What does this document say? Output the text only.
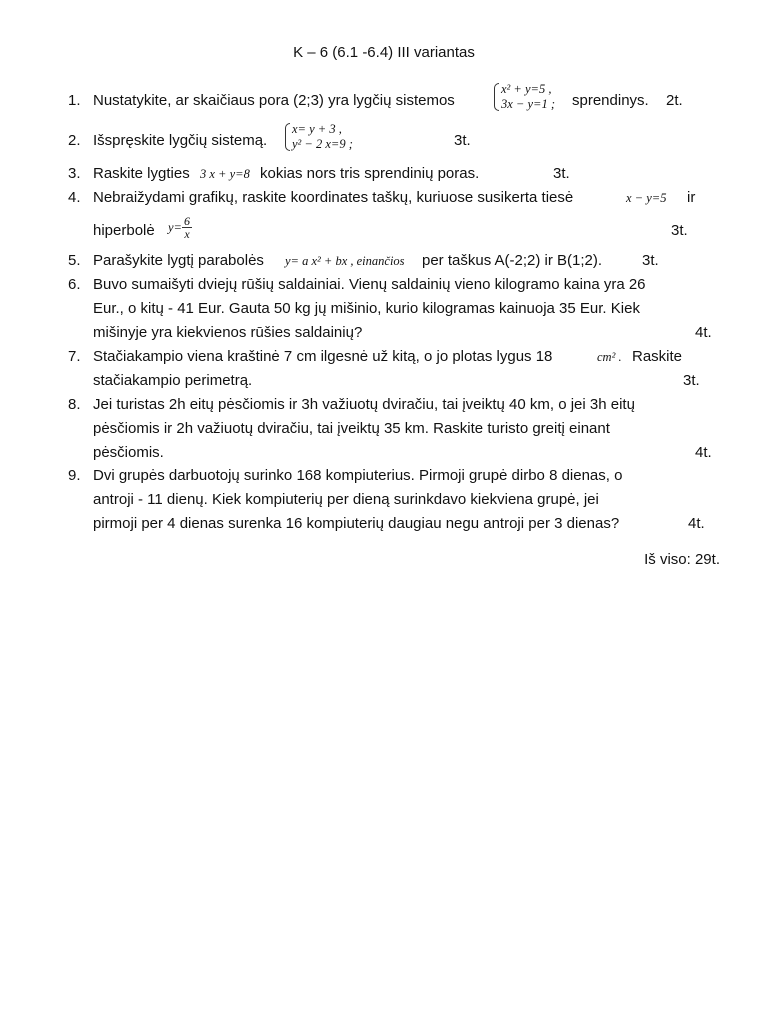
K – 6 (6.1 -6.4) III variantas
1. Nustatykite, ar skaičiaus pora (2;3) yra lygčių sistemos
x² + y=5 ,
3x − y=1 ; sprendinys. 2t.
2. Išspręskite lygčių sistemą.
x= y + 3 ,
y² − 2 x=9 ;	3t.
3. Raskite lygties 3 x + y=8 kokias nors tris sprendinių poras.	3t.
4. Nebraižydami grafikų, raskite koordinates taškų, kuriuose susikerta tiesė	x − y=5 ir
hiperbolė $y= \frac{6}{x}$	3t.
5. Parašykite lygtį parabolės y= a x² + bx , einančios per taškus A(-2;2) ir B(1;2).	3t.
6. Buvo sumaišyti dviejų rūšių saldainiai. Vienų saldainių vieno kilogramo kaina yra 26
Eur., o kitų - 41 Eur. Gauta 50 kg jų mišinio, kurio kilogramas kainuoja 35 Eur. Kiek
mišinyje yra kiekvienos rūšies saldainių?	4t.
7. Stačiakampio viena kraštinė 7 cm ilgesnė už kitą, o jo plotas lygus 18	cm² . Raskite
stačiakampio perimetrą.	3t.
8. Jei turistas 2h eitų pėsčiomis ir 3h važiuotų dviračiu, tai įveiktų 40 km, o jei 3h eitų
pėsčiomis ir 2h važiuotų dviračiu, tai įveiktų 35 km. Raskite turisto greitį einant
pėsčiomis.	4t.
9. Dvi grupės darbuotojų surinko 168 kompiuterius. Pirmoji grupė dirbo 8 dienas, o
antroji - 11 dienų. Kiek kompiuterių per dieną surinkdavo kiekviena grupė, jei
pirmoji per 4 dienas surenka 16 kompiuterių daugiau negu antroji per 3 dienas?	4t.
Iš viso: 29t.
